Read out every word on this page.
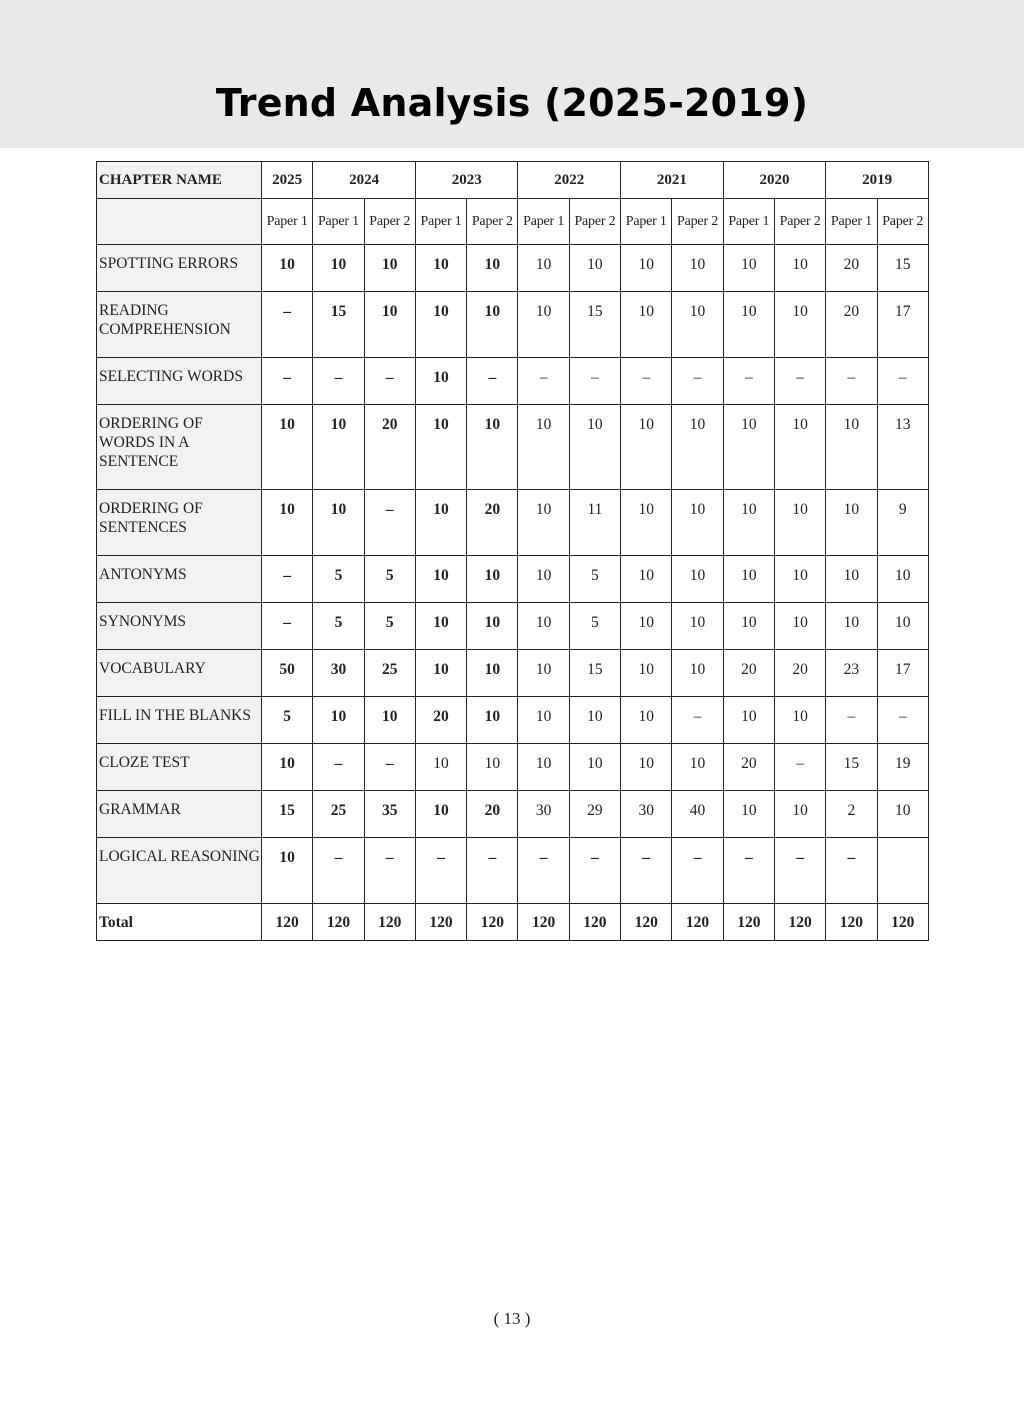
Trend Analysis (2025-2019)
CHAPTER NAME	2025	2024		2023		2022		2021		2020		2019	
	Paper 1	Paper 1	Paper 2	Paper 1	Paper 2	Paper 1	Paper 2	Paper 1	Paper 2	Paper 1	Paper 2	Paper 1	Paper 2
SPOTTING ERRORS	10	10	10	10	10	10	10	10	10	10	10	20	15
READING COMPREHENSION	–	15	10	10	10	10	15	10	10	10	10	20	17
SELECTING WORDS	–	–	–	10	–	–	–	–	–	–	–	–	–
ORDERING OF WORDS IN A SENTENCE	10	10	20	10	10	10	10	10	10	10	10	10	13
ORDERING OF SENTENCES	10	10	–	10	20	10	11	10	10	10	10	10	9
ANTONYMS	–	5	5	10	10	10	5	10	10	10	10	10	10
SYNONYMS	–	5	5	10	10	10	5	10	10	10	10	10	10
VOCABULARY	50	30	25	10	10	10	15	10	10	20	20	23	17
FILL IN THE BLANKS	5	10	10	20	10	10	10	10	–	10	10	–	–
CLOZE TEST	10	–	–	10	10	10	10	10	10	20	–	15	19
GRAMMAR	15	25	35	10	20	30	29	30	40	10	10	2	10
LOGICAL REASONING	10	–	–	–	–	–	–	–	–	–	–	–	
Total	120	120	120	120	120	120	120	120	120	120	120	120	120
( 13 )
